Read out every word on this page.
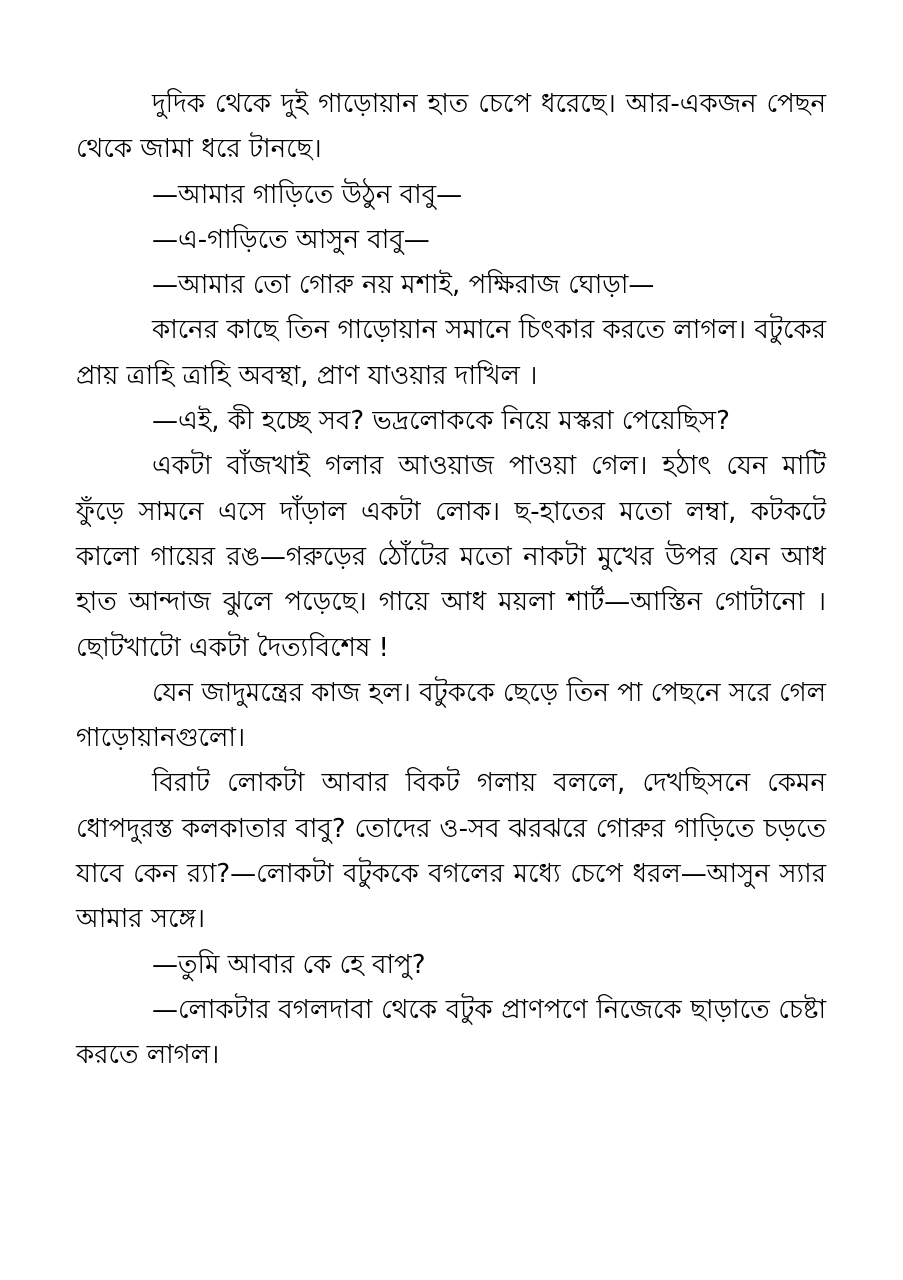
দুদিক থেকে দুই গাড়োয়ান হাত চেপে ধরেছে। আর-একজন পেছন থেকে জামা ধরে টানছে।

—আমার গাড়িতে উঠুন বাবু—

—এ-গাড়িতে আসুন বাবু—

—আমার তো গোরু নয় মশাই, পক্ষিরাজ ঘোড়া—

কানের কাছে তিন গাড়োয়ান সমানে চিৎকার করতে লাগল। বটুকের প্রায় ত্রাহি ত্রাহি অবস্থা, প্রাণ যাওয়ার দাখিল ।

—এই, কী হচ্ছে সব? ভদ্রলোককে নিয়ে মস্করা পেয়েছিস?

একটা বাঁজখাই গলার আওয়াজ পাওয়া গেল। হঠাৎ যেন মাটি ফুঁড়ে সামনে এসে দাঁড়াল একটা লোক। ছ-হাতের মতো লম্বা, কটকটে কালো গায়ের রঙ—গরুড়ের ঠোঁটের মতো নাকটা মুখের উপর যেন আধ হাত আন্দাজ ঝুলে পড়েছে। গায়ে আধ ময়লা শার্ট—আস্তিন গোটানো । ছোটখাটো একটা দৈত্যবিশেষ !

যেন জাদুমন্ত্রের কাজ হল। বটুককে ছেড়ে তিন পা পেছনে সরে গেল গাড়োয়ানগুলো।

বিরাট লোকটা আবার বিকট গলায় বললে, দেখছিসনে কেমন ধোপদুরস্ত কলকাতার বাবু? তোদের ও-সব ঝরঝরে গোরুর গাড়িতে চড়তে যাবে কেন র‍্যা?—লোকটা বটুককে বগলের মধ্যে চেপে ধরল—আসুন স্যার আমার সঙ্গে।

—তুমি আবার কে হে বাপু?

—লোকটার বগলদাবা থেকে বটুক প্রাণপণে নিজেকে ছাড়াতে চেষ্টা করতে লাগল।
